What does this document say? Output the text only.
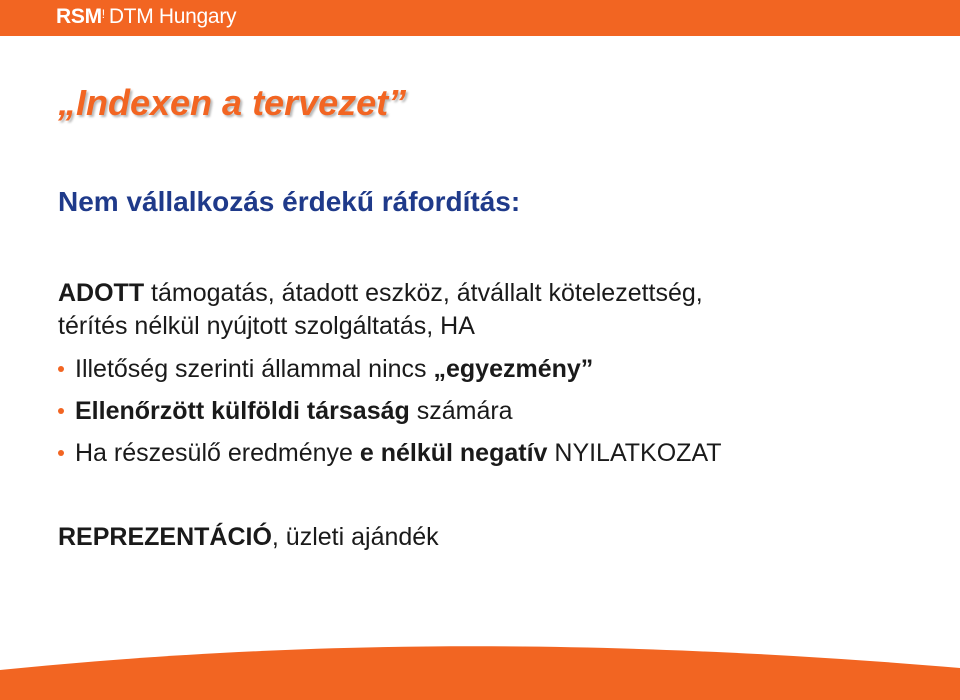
RSM! DTM Hungary
„Indexen a tervezet”
Nem vállalkozás érdekű ráfordítás:

ADOTT támogatás, átadott eszköz, átvállalt kötelezettség,

térítés nélkül nyújtott szolgáltatás, HA

Illetőség szerinti állammal nincs „egyezmény”

Ellenőrzött külföldi társaság számára

Ha részesülő eredménye e nélkül negatív NYILATKOZAT

REPREZENTÁCIÓ, üzleti ajándék
